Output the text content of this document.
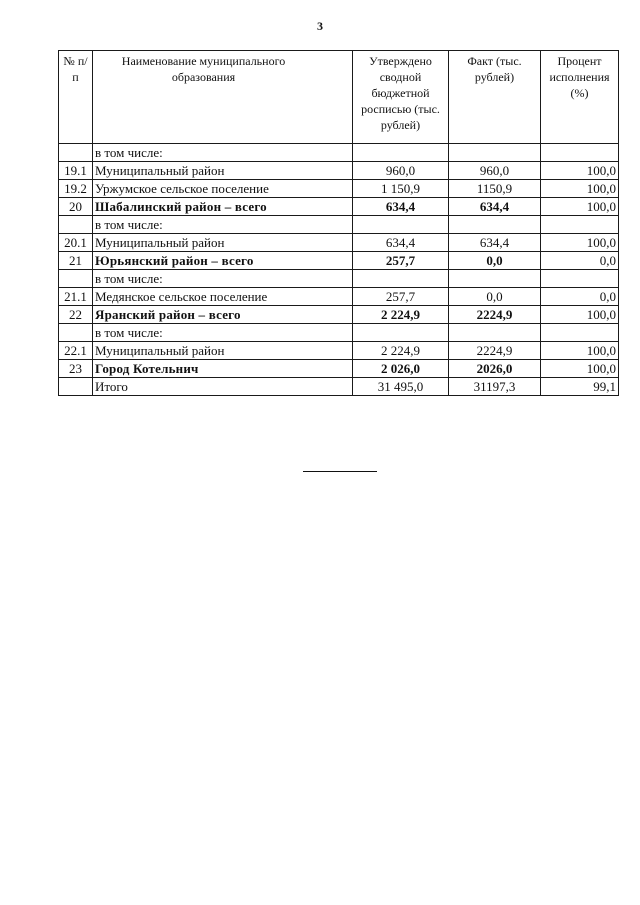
3
№ п/п	Наименование муниципального образования	Утверждено сводной бюджетной росписью (тыс. рублей)	Факт (тыс. рублей)	Процент исполнения (%)
	в том числе:			
19.1	Муниципальный район	960,0	960,0	100,0
19.2	Уржумское сельское поселение	1 150,9	1150,9	100,0
20	Шабалинский район – всего	634,4	634,4	100,0
	в том числе:			
20.1	Муниципальный район	634,4	634,4	100,0
21	Юрьянский район – всего	257,7	0,0	0,0
	в том числе:			
21.1	Медянское сельское поселение	257,7	0,0	0,0
22	Яранский район – всего	2 224,9	2224,9	100,0
	в том числе:			
22.1	Муниципальный район	2 224,9	2224,9	100,0
23	Город Котельнич	2 026,0	2026,0	100,0
	Итого	31 495,0	31197,3	99,1
